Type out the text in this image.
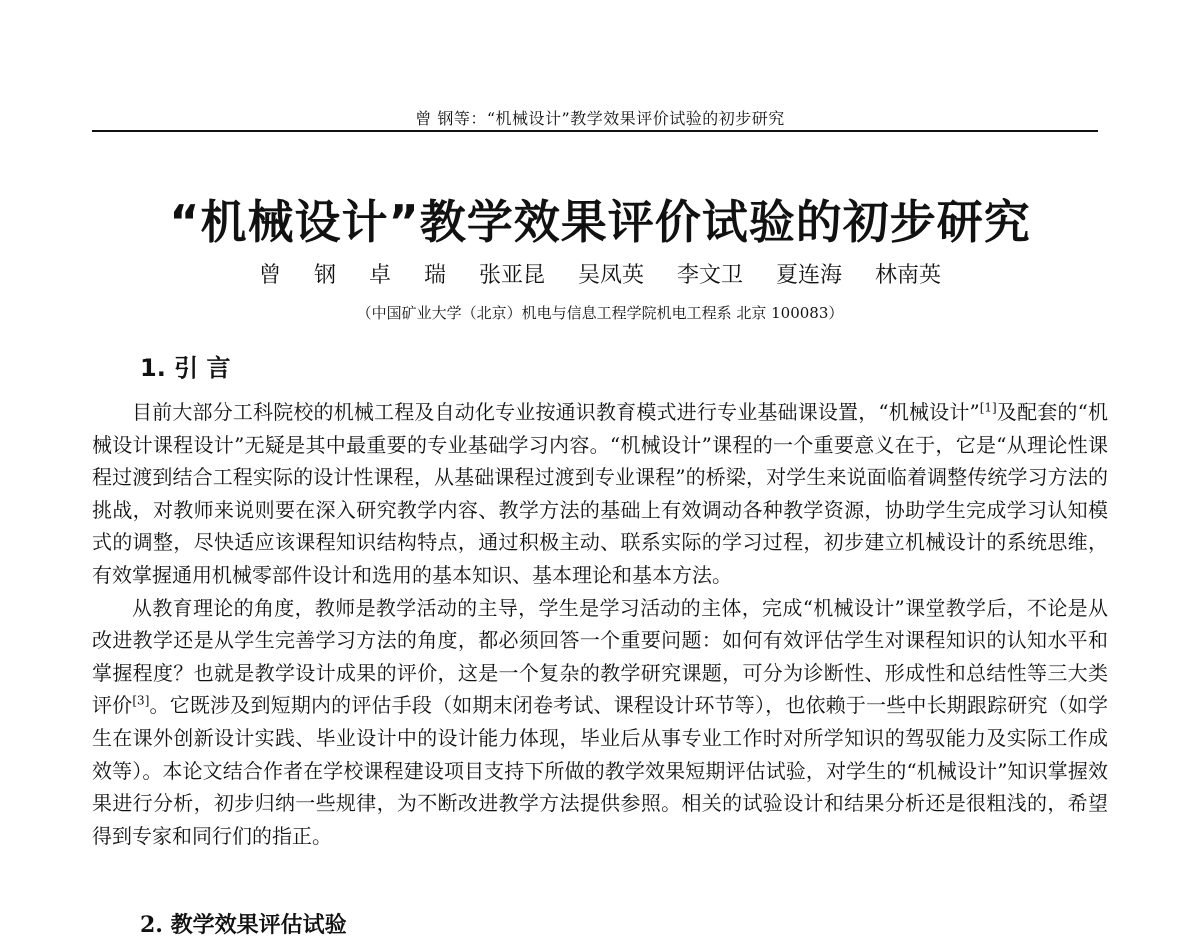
曾 钢等：“机械设计”教学效果评价试验的初步研究
“机械设计”教学效果评价试验的初步研究
曾 钢 卓 瑞 张亚昆 吴凤英 李文卫 夏连海 林南英
（中国矿业大学（北京）机电与信息工程学院机电工程系 北京 100083）
1. 引 言

目前大部分工科院校的机械工程及自动化专业按通识教育模式进行专业基础课设置，“机械设计”[1]及配套的“机械设计课程设计”无疑是其中最重要的专业基础学习内容。“机械设计”课程的一个重要意义在于，它是“从理论性课程过渡到结合工程实际的设计性课程，从基础课程过渡到专业课程”的桥梁，对学生来说面临着调整传统学习方法的挑战，对教师来说则要在深入研究教学内容、教学方法的基础上有效调动各种教学资源，协助学生完成学习认知模式的调整，尽快适应该课程知识结构特点，通过积极主动、联系实际的学习过程，初步建立机械设计的系统思维，有效掌握通用机械零部件设计和选用的基本知识、基本理论和基本方法。

从教育理论的角度，教师是教学活动的主导，学生是学习活动的主体，完成“机械设计”课堂教学后，不论是从改进教学还是从学生完善学习方法的角度，都必须回答一个重要问题：如何有效评估学生对课程知识的认知水平和掌握程度？也就是教学设计成果的评价，这是一个复杂的教学研究课题，可分为诊断性、形成性和总结性等三大类评价[3]。它既涉及到短期内的评估手段（如期末闭卷考试、课程设计环节等），也依赖于一些中长期跟踪研究（如学生在课外创新设计实践、毕业设计中的设计能力体现，毕业后从事专业工作时对所学知识的驾驭能力及实际工作成效等）。本论文结合作者在学校课程建设项目支持下所做的教学效果短期评估试验，对学生的“机械设计”知识掌握效果进行分析，初步归纳一些规律，为不断改进教学方法提供参照。相关的试验设计和结果分析还是很粗浅的，希望得到专家和同行们的指正。

2. 教学效果评估试验
